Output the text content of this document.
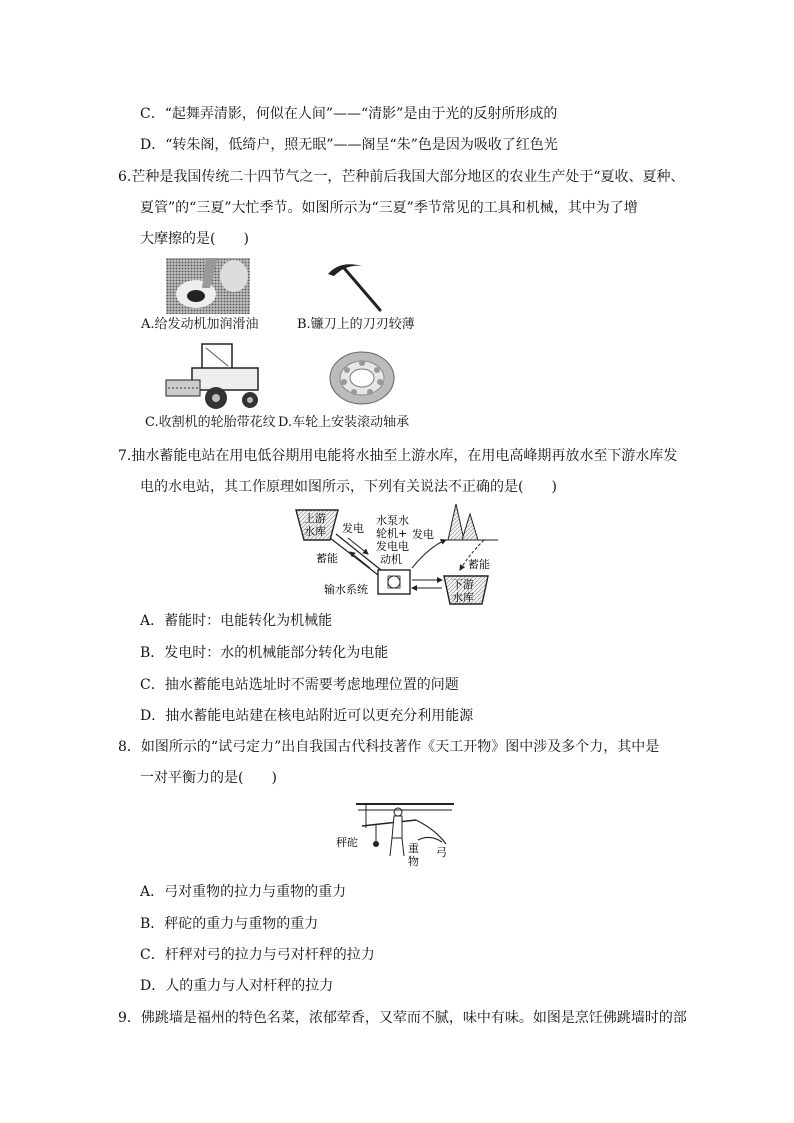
C．“起舞弄清影，何似在人间”——“清影”是由于光的反射所形成的
D．“转朱阁，低绮户，照无眠”——阁呈“朱”色是因为吸收了红色光
6.芒种是我国传统二十四节气之一，芒种前后我国大部分地区的农业生产处于“夏收、夏种、
夏管”的“三夏”大忙季节。如图所示为“三夏”季节常见的工具和机械，其中为了增
大摩擦的是(　　)
A.给发动机加润滑油	B.镰刀上的刀刃较薄
C.收割机的轮胎带花纹 D.车轮上安装滚动轴承
7.抽水蓄能电站在用电低谷期用电能将水抽至上游水库，在用电高峰期再放水至下游水库发
电的水电站，其工作原理如图所示，下列有关说法不正确的是(　　)
上游
水库 发电
蓄能
水泵水
轮机+
发电电
动机
输水系统
发电
蓄能
下游
水库
A．蓄能时：电能转化为机械能
B．发电时：水的机械能部分转化为电能
C．抽水蓄能电站选址时不需要考虑地理位置的问题
D．抽水蓄能电站建在核电站附近可以更充分利用能源
8．如图所示的“试弓定力”出自我国古代科技著作《天工开物》图中涉及多个力，其中是
一对平衡力的是(　　)
秤砣	重
物
弓
A．弓对重物的拉力与重物的重力
B．秤砣的重力与重物的重力
C．杆秤对弓的拉力与弓对杆秤的拉力
D．人的重力与人对杆秤的拉力
9．佛跳墙是福州的特色名菜，浓郁荤香，又荤而不腻，味中有味。如图是烹饪佛跳墙时的部
